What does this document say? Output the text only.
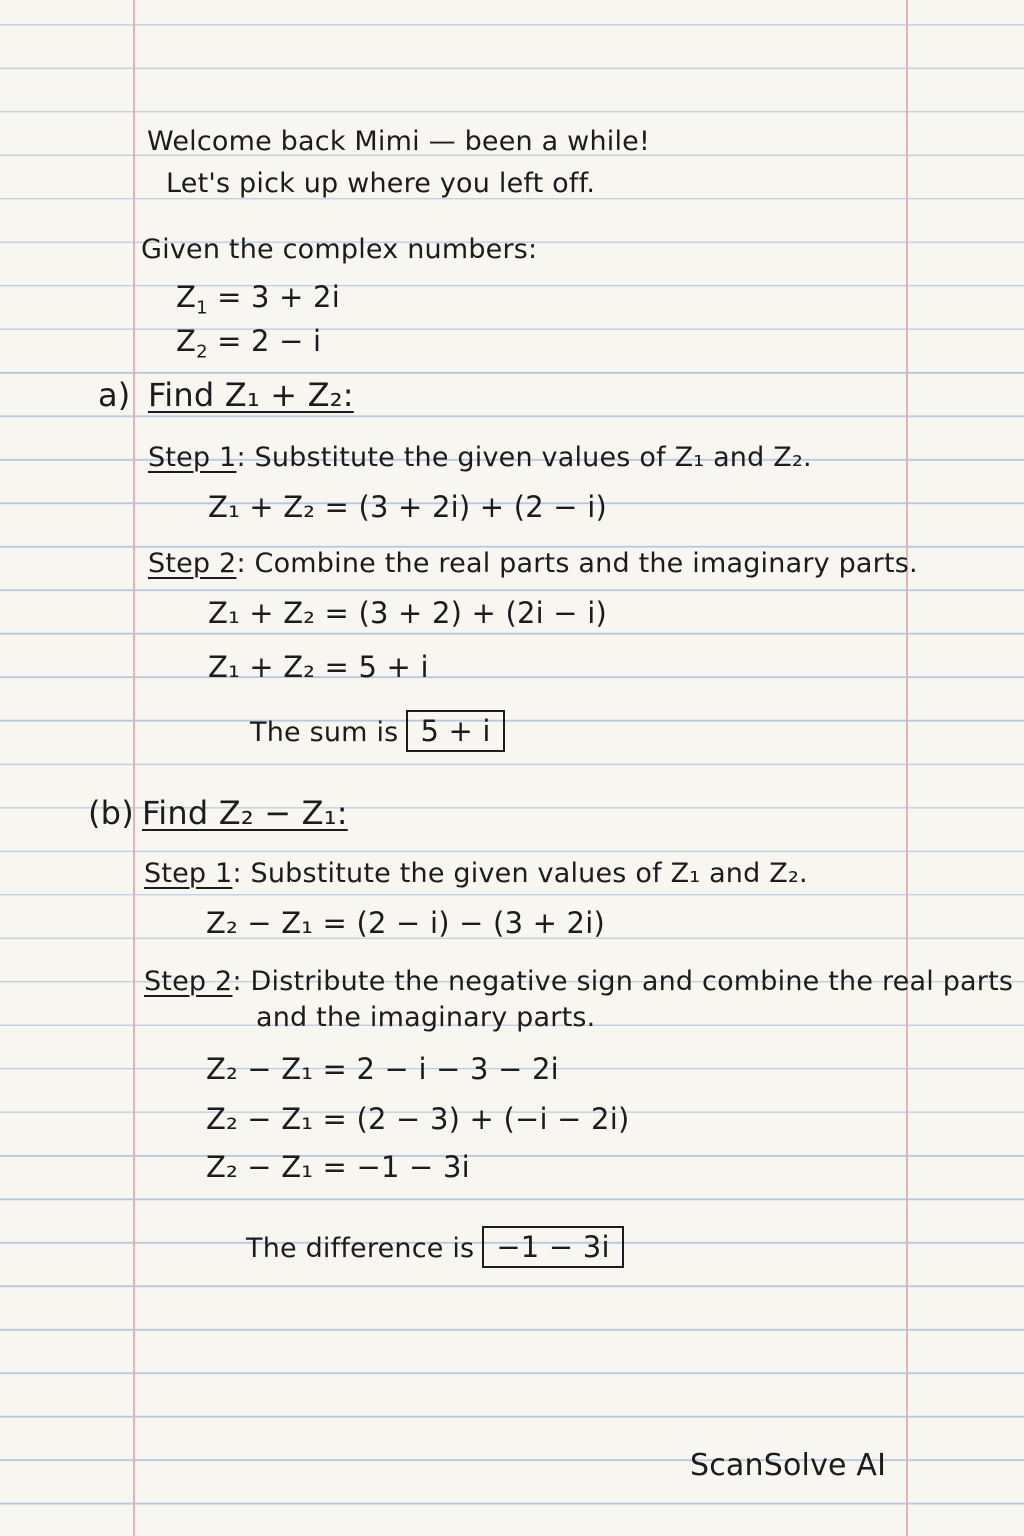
Welcome back Mimi — been a while!
Let's pick up where you left off.
Given the complex numbers:
$Z_1 = 3 + 2i$
$Z_2 = 2 - i$
a) Find Z₁ + Z₂:
Step 1: Substitute the given values of Z₁ and Z₂.
Z₁ + Z₂ = (3 + 2i) + (2 − i)
Step 2: Combine the real parts and the imaginary parts.
Z₁ + Z₂ = (3 + 2) + (2i − i)
Z₁ + Z₂ = 5 + i
The sum is 5 + i
(b) Find Z₂ − Z₁:
Step 1: Substitute the given values of Z₁ and Z₂.
Z₂ − Z₁ = (2 − i) − (3 + 2i)
Step 2: Distribute the negative sign and combine the real parts
and the imaginary parts.
Z₂ − Z₁ = 2 − i − 3 − 2i
Z₂ − Z₁ = (2 − 3) + (−i − 2i)
Z₂ − Z₁ = −1 − 3i
The difference is −1 − 3i
ScanSolve AI
